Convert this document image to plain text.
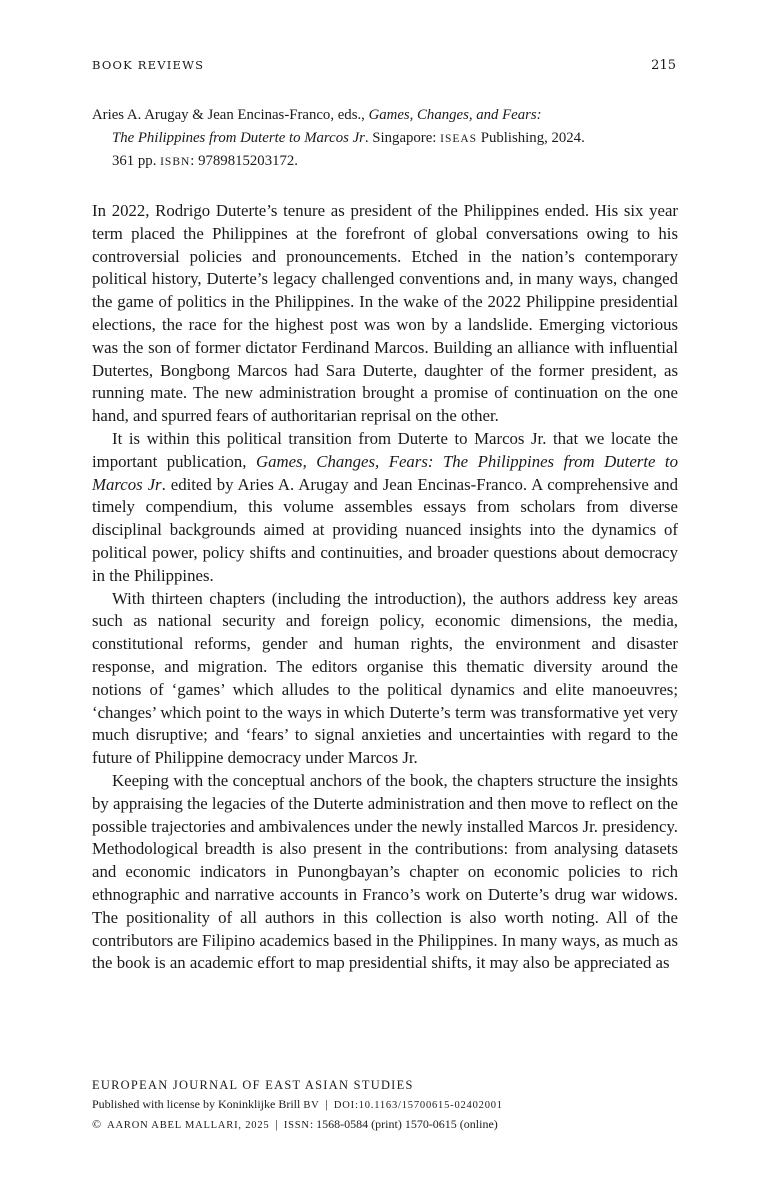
BOOK REVIEWS	215
Aries A. Arugay & Jean Encinas-Franco, eds., Games, Changes, and Fears:
The Philippines from Duterte to Marcos Jr. Singapore: ISEAS Publishing, 2024.
361 pp. ISBN: 9789815203172.

In 2022, Rodrigo Duterte’s tenure as president of the Philippines ended. His six year term placed the Philippines at the forefront of global conversations owing to his controversial policies and pronouncements. Etched in the nation’s contemporary political history, Duterte’s legacy challenged conventions and, in many ways, changed the game of politics in the Philippines. In the wake of the 2022 Philippine presidential elections, the race for the highest post was won by a landslide. Emerging victorious was the son of former dictator Ferdinand Marcos. Building an alliance with influential Dutertes, Bongbong Marcos had Sara Duterte, daughter of the former president, as running mate. The new administration brought a promise of continuation on the one hand, and spurred fears of authoritarian reprisal on the other.

It is within this political transition from Duterte to Marcos Jr. that we locate the important publication, Games, Changes, Fears: The Philippines from Duterte to Marcos Jr. edited by Aries A. Arugay and Jean Encinas-Franco. A comprehensive and timely compendium, this volume assembles essays from scholars from diverse disciplinal backgrounds aimed at providing nuanced insights into the dynamics of political power, policy shifts and continuities, and broader questions about democracy in the Philippines.

With thirteen chapters (including the introduction), the authors address key areas such as national security and foreign policy, economic dimensions, the media, constitutional reforms, gender and human rights, the environment and disaster response, and migration. The editors organise this thematic diversity around the notions of ‘games’ which alludes to the political dynamics and elite manoeuvres; ‘changes’ which point to the ways in which Duterte’s term was transformative yet very much disruptive; and ‘fears’ to signal anxieties and uncertainties with regard to the future of Philippine democracy under Marcos Jr.

Keeping with the conceptual anchors of the book, the chapters structure the insights by appraising the legacies of the Duterte administration and then move to reflect on the possible trajectories and ambivalences under the newly installed Marcos Jr. presidency. Methodological breadth is also present in the contributions: from analysing datasets and economic indicators in Punongbayan’s chapter on economic policies to rich ethnographic and narrative accounts in Franco’s work on Duterte’s drug war widows. The positionality of all authors in this collection is also worth noting. All of the contributors are Filipino academics based in the Philippines. In many ways, as much as the book is an academic effort to map presidential shifts, it may also be appreciated as

EUROPEAN JOURNAL OF EAST ASIAN STUDIES
Published with license by Koninklijke Brill BV | DOI:10.1163/15700615-02402001
© AARON ABEL MALLARI, 2025 | ISSN: 1568-0584 (print) 1570-0615 (online)
